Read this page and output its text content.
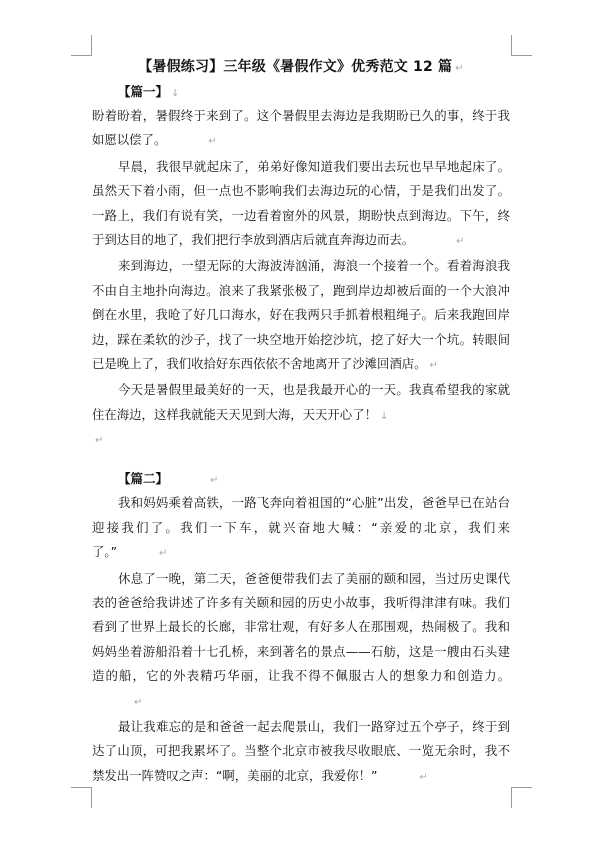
【暑假练习】三年级《暑假作文》优秀范文 12 篇 ↵

【篇一】 ↓

盼着盼着，暑假终于来到了。这个暑假里去海边是我期盼已久的事，终于我如愿以偿了。	↵

早晨，我很早就起床了，弟弟好像知道我们要出去玩也早早地起床了。虽然天下着小雨，但一点也不影响我们去海边玩的心情，于是我们出发了。一路上，我们有说有笑，一边看着窗外的风景，期盼快点到海边。下午，终于到达目的地了，我们把行李放到酒店后就直奔海边而去。	↵

来到海边，一望无际的大海波涛汹涌，海浪一个接着一个。看着海浪我不由自主地扑向海边。浪来了我紧张极了，跑到岸边却被后面的一个大浪冲倒在水里，我呛了好几口海水，好在我两只手抓着根粗绳子。后来我跑回岸边，踩在柔软的沙子，找了一块空地开始挖沙坑，挖了好大一个坑。转眼间已是晚上了，我们收拾好东西依依不舍地离开了沙滩回酒店。 ↵

今天是暑假里最美好的一天，也是我最开心的一天。我真希望我的家就住在海边，这样我就能天天见到大海，天天开心了！ ↓

↵

【篇二】	↵

我和妈妈乘着高铁，一路飞奔向着祖国的“心脏”出发，爸爸早已在站台迎接我们了。我们一下车，就兴奋地大喊：“亲爱的北京，我们来了。”	↵

休息了一晚，第二天，爸爸便带我们去了美丽的颐和园，当过历史课代表的爸爸给我讲述了许多有关颐和园的历史小故事，我听得津津有味。我们看到了世界上最长的长廊，非常壮观，有好多人在那围观，热闹极了。我和妈妈坐着游船沿着十七孔桥，来到著名的景点——石舫，这是一艘由石头建造的船，它的外表精巧华丽，让我不得不佩服古人的想象力和创造力。↵

最让我难忘的是和爸爸一起去爬景山，我们一路穿过五个亭子，终于到达了山顶，可把我累坏了。当整个北京市被我尽收眼底、一览无余时，我不禁发出一阵赞叹之声：“啊，美丽的北京，我爱你！”	↵
